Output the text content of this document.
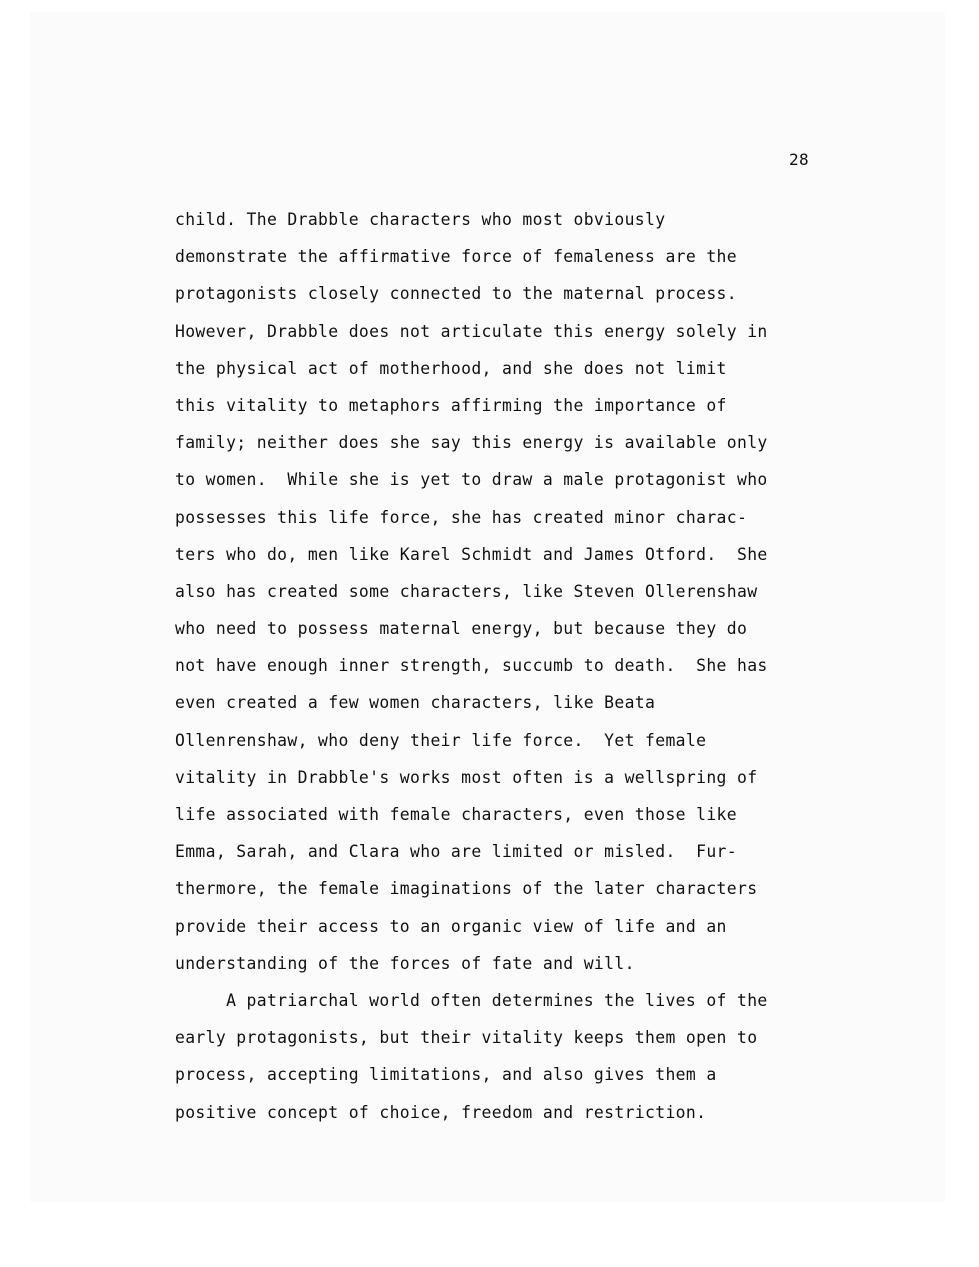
28
child. The Drabble characters who most obviously
demonstrate the affirmative force of femaleness are the
protagonists closely connected to the maternal process.
However, Drabble does not articulate this energy solely in
the physical act of motherhood, and she does not limit
this vitality to metaphors affirming the importance of
family; neither does she say this energy is available only
to women.  While she is yet to draw a male protagonist who
possesses this life force, she has created minor charac-
ters who do, men like Karel Schmidt and James Otford.  She
also has created some characters, like Steven Ollerenshaw
who need to possess maternal energy, but because they do
not have enough inner strength, succumb to death.  She has
even created a few women characters, like Beata
Ollenrenshaw, who deny their life force.  Yet female
vitality in Drabble's works most often is a wellspring of
life associated with female characters, even those like
Emma, Sarah, and Clara who are limited or misled.  Fur-
thermore, the female imaginations of the later characters
provide their access to an organic view of life and an
understanding of the forces of fate and will.
A patriarchal world often determines the lives of the
early protagonists, but their vitality keeps them open to
process, accepting limitations, and also gives them a
positive concept of choice, freedom and restriction.
